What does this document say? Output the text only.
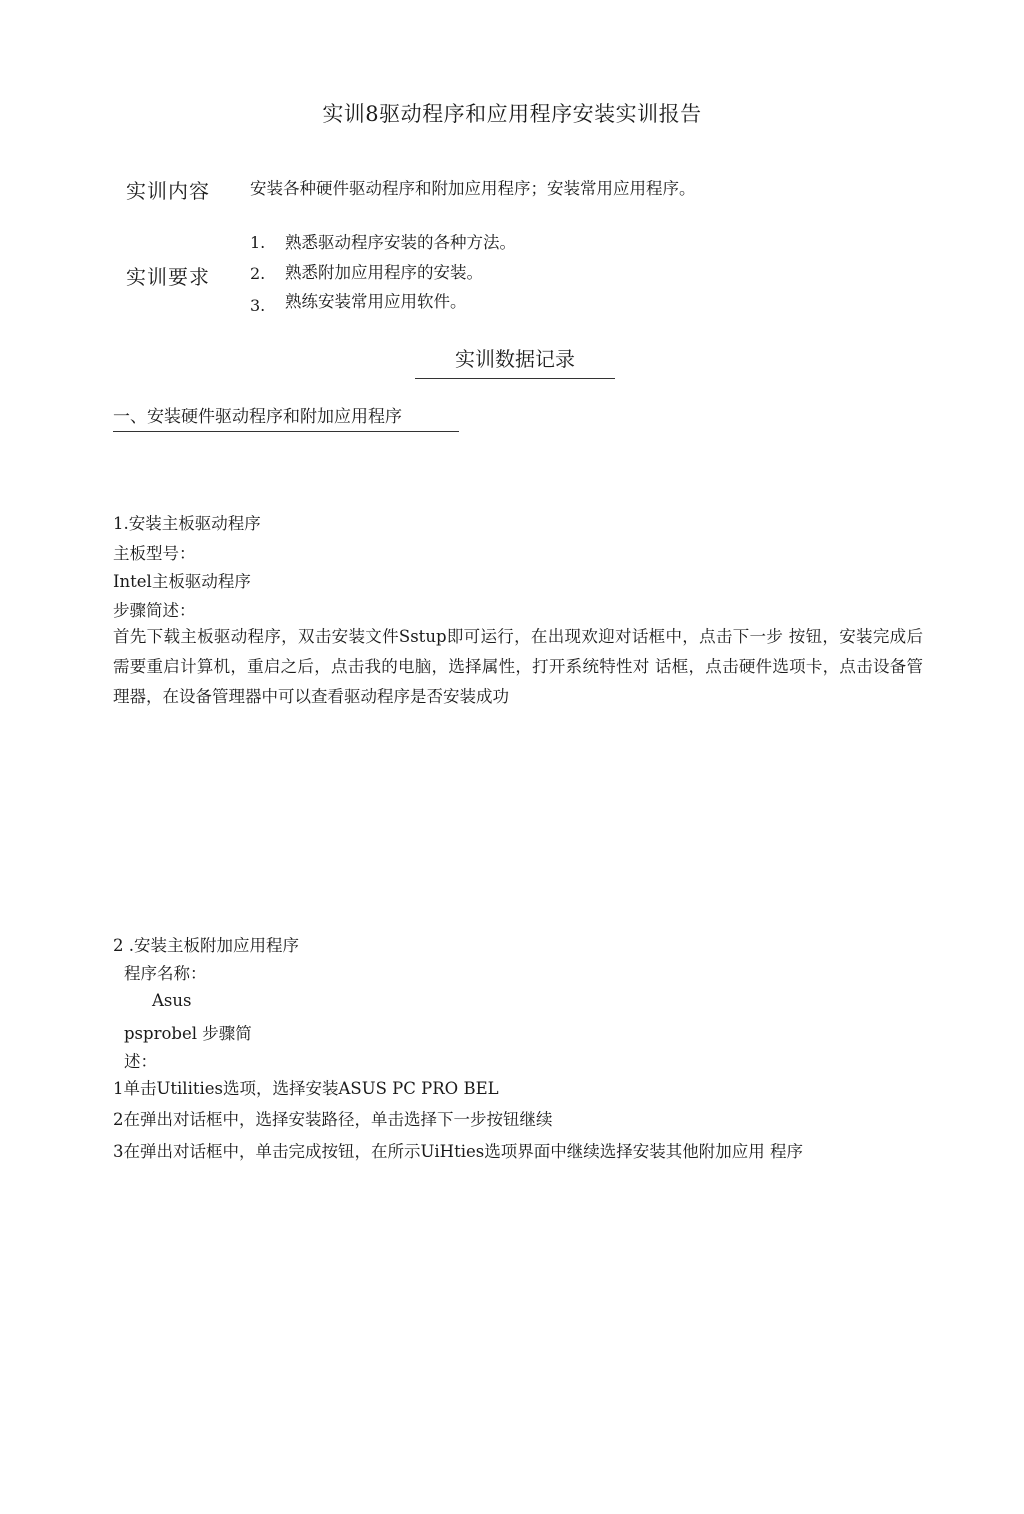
实训8驱动程序和应用程序安装实训报告
实训内容 安装各种硬件驱动程序和附加应用程序；安装常用应用程序。
实训要求
1. 熟悉驱动程序安装的各种方法。
2. 熟悉附加应用程序的安装。
3. 熟练安装常用应用软件。
实训数据记录
一、安装硬件驱动程序和附加应用程序
1.安装主板驱动程序
主板型号：
Intel主板驱动程序
步骤简述：
首先下载主板驱动程序，双击安装文件Sstup即可运行，在出现欢迎对话框中，点击下一步 按钮，安装完成后需要重启计算机，重启之后，点击我的电脑，选择属性，打开系统特性对 话框，点击硬件选项卡，点击设备管理器，在设备管理器中可以查看驱动程序是否安装成功
2 .安装主板附加应用程序
程序名称：
Asus
psprobel 步骤简
述：
1单击Utilities选项，选择安装ASUS PC PRO BEL
2在弹出对话框中，选择安装路径，单击选择下一步按钮继续
3在弹出对话框中，单击完成按钮，在所示UiHties选项界面中继续选择安装其他附加应用 程序
